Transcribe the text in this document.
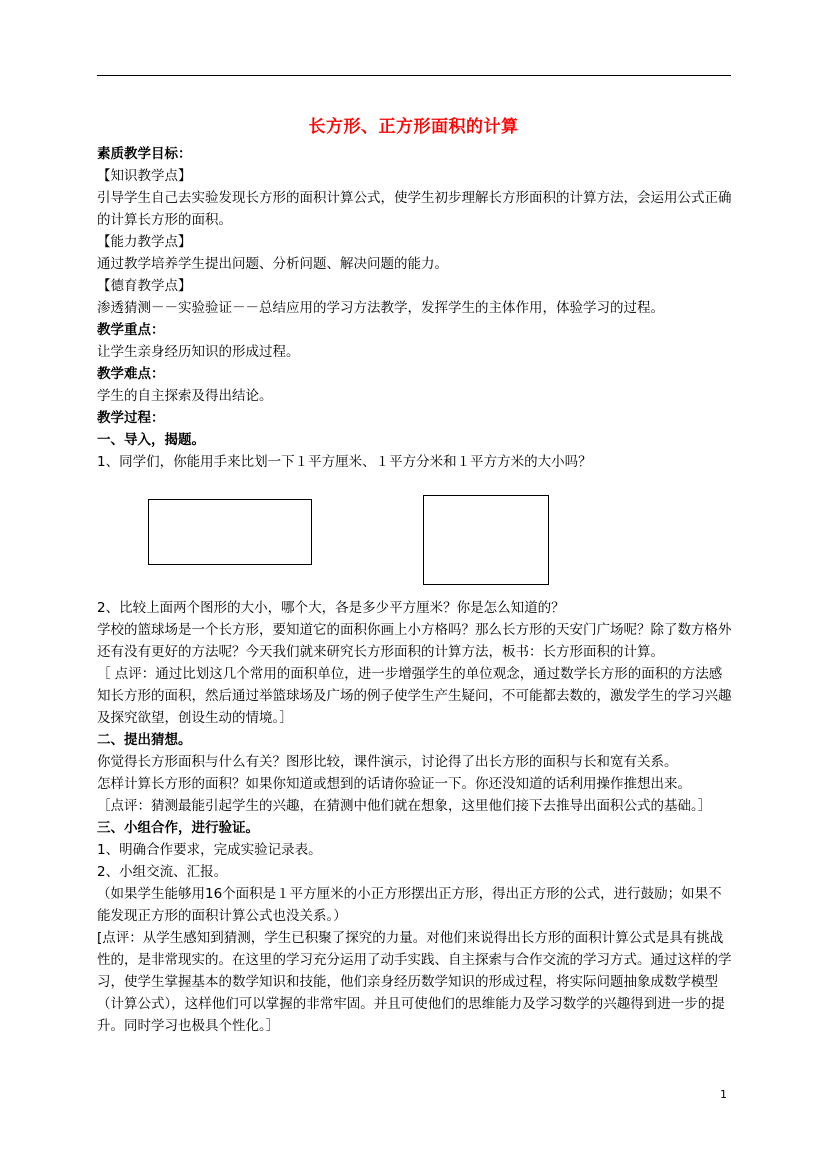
长方形、正方形面积的计算

素质教学目标：

【知识教学点】

引导学生自己去实验发现长方形的面积计算公式，使学生初步理解长方形面积的计算方法，会运用公式正确的计算长方形的面积。

【能力教学点】

通过教学培养学生提出问题、分析问题、解决问题的能力。

【德育教学点】

渗透猜测－－实验验证－－总结应用的学习方法教学，发挥学生的主体作用，体验学习的过程。

教学重点：

让学生亲身经历知识的形成过程。

教学难点：

学生的自主探索及得出结论。

教学过程：

一、导入，揭题。

1、同学们，你能用手来比划一下１平方厘米、１平方分米和１平方方米的大小吗？

2、比较上面两个图形的大小，哪个大，各是多少平方厘米？你是怎么知道的？

学校的篮球场是一个长方形，要知道它的面积你画上小方格吗？那么长方形的天安门广场呢？除了数方格外还有没有更好的方法呢？今天我们就来研究长方形面积的计算方法，板书：长方形面积的计算。

［ 点评：通过比划这几个常用的面积单位，进一步增强学生的单位观念，通过数学长方形的面积的方法感知长方形的面积，然后通过举篮球场及广场的例子使学生产生疑问，不可能都去数的，激发学生的学习兴趣及探究欲望，创设生动的情境。］

二、提出猜想。

你觉得长方形面积与什么有关？图形比较，课件演示，讨论得了出长方形的面积与长和宽有关系。

怎样计算长方形的面积？如果你知道或想到的话请你验证一下。你还没知道的话利用操作推想出来。

［点评：猜测最能引起学生的兴趣，在猜测中他们就在想象，这里他们接下去推导出面积公式的基础。］

三、小组合作，进行验证。

1、明确合作要求，完成实验记录表。

2、小组交流、汇报。

（如果学生能够用16个面积是１平方厘米的小正方形摆出正方形，得出正方形的公式，进行鼓励；如果不能发现正方形的面积计算公式也没关系。）

[点评：从学生感知到猜测，学生已积聚了探究的力量。对他们来说得出长方形的面积计算公式是具有挑战性的，是非常现实的。在这里的学习充分运用了动手实践、自主探索与合作交流的学习方式。通过这样的学习，使学生掌握基本的数学知识和技能，他们亲身经历数学知识的形成过程，将实际问题抽象成数学模型（计算公式），这样他们可以掌握的非常牢固。并且可使他们的思维能力及学习数学的兴趣得到进一步的提升。同时学习也极具个性化。］

1
